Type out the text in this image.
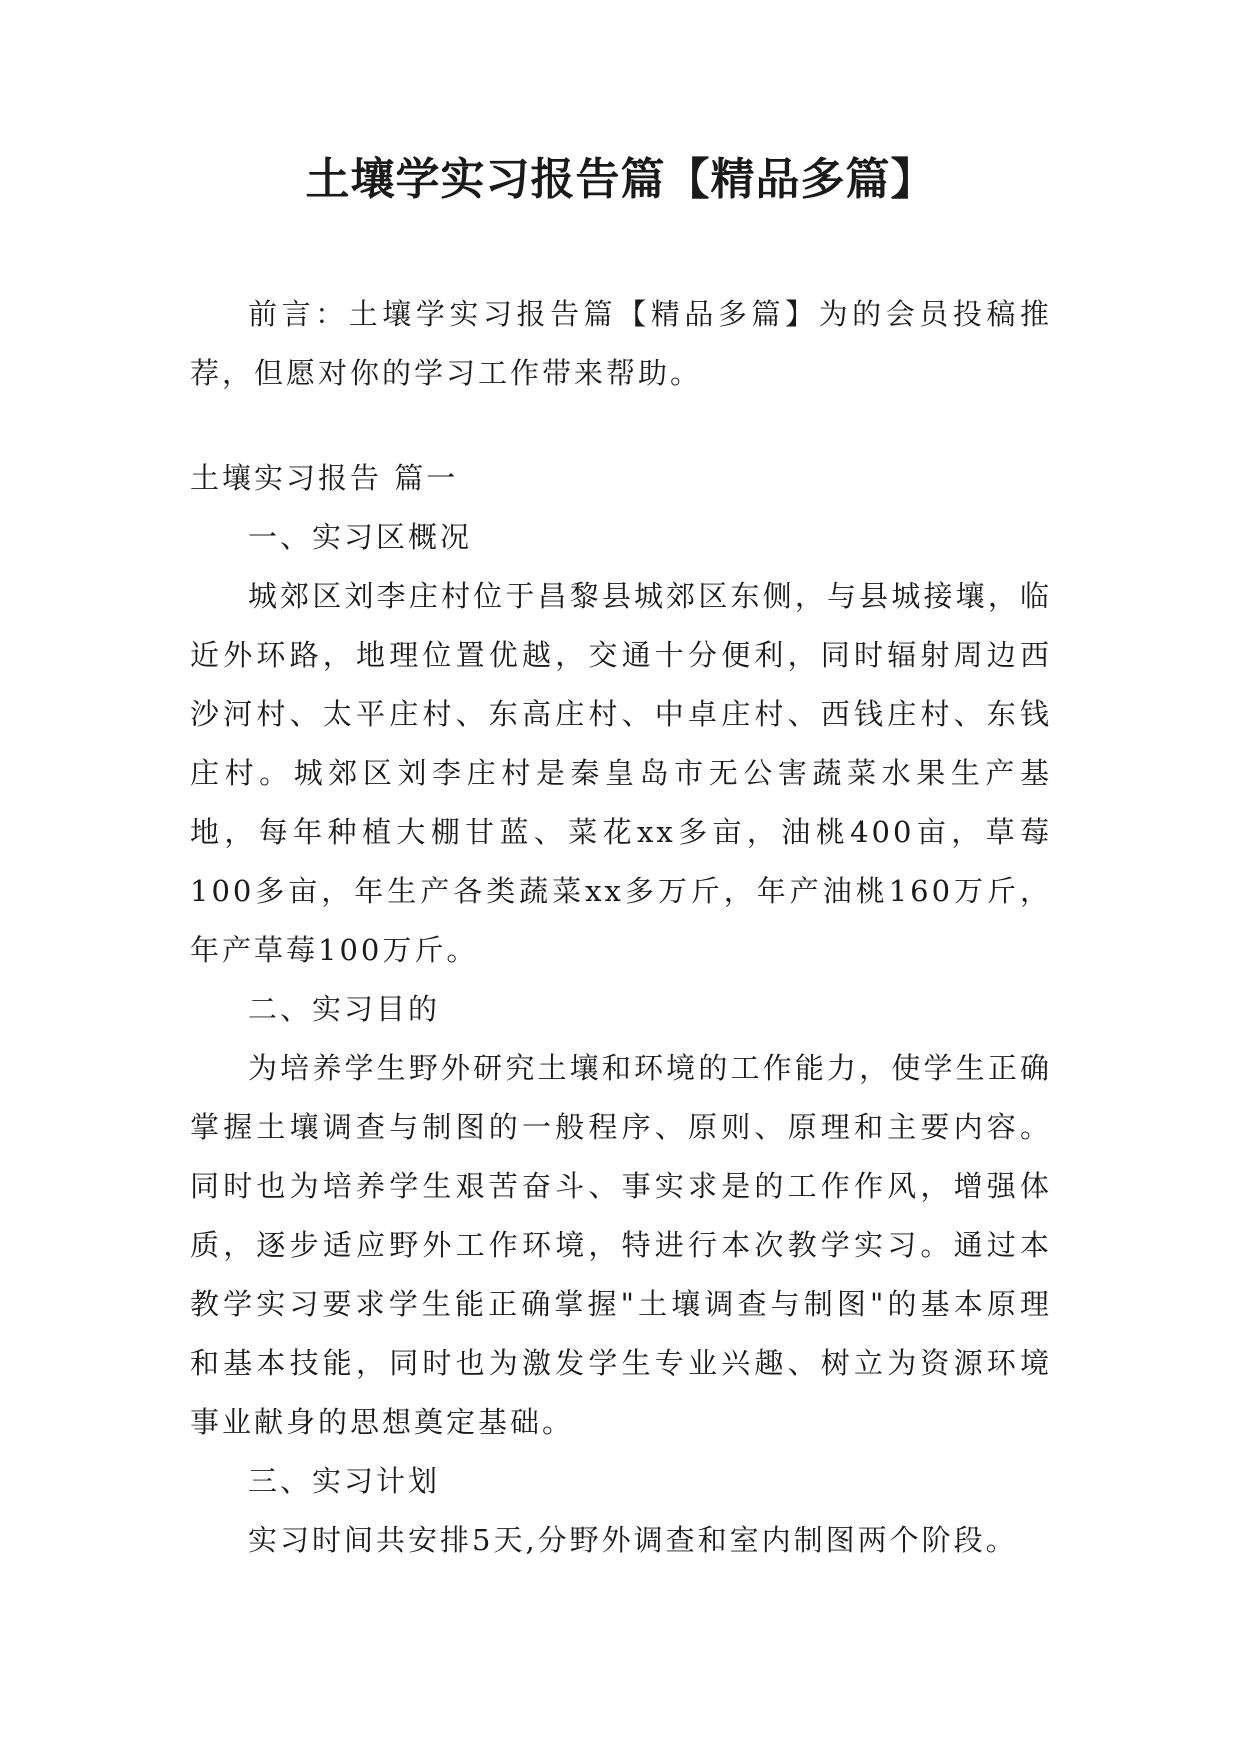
土壤学实习报告篇【精品多篇】

前言：土壤学实习报告篇【精品多篇】为的会员投稿推荐，但愿对你的学习工作带来帮助。

土壤实习报告 篇一

一、实习区概况

城郊区刘李庄村位于昌黎县城郊区东侧，与县城接壤，临近外环路，地理位置优越，交通十分便利，同时辐射周边西沙河村、太平庄村、东高庄村、中卓庄村、西钱庄村、东钱庄村。城郊区刘李庄村是秦皇岛市无公害蔬菜水果生产基地，每年种植大棚甘蓝、菜花xx多亩，油桃400亩，草莓100多亩，年生产各类蔬菜xx多万斤，年产油桃160万斤，年产草莓100万斤。

二、实习目的

为培养学生野外研究土壤和环境的工作能力，使学生正确掌握土壤调查与制图的一般程序、原则、原理和主要内容。同时也为培养学生艰苦奋斗、事实求是的工作作风，增强体质，逐步适应野外工作环境，特进行本次教学实习。通过本教学实习要求学生能正确掌握"土壤调查与制图"的基本原理和基本技能，同时也为激发学生专业兴趣、树立为资源环境事业献身的思想奠定基础。

三、实习计划

实习时间共安排5天,分野外调查和室内制图两个阶段。
